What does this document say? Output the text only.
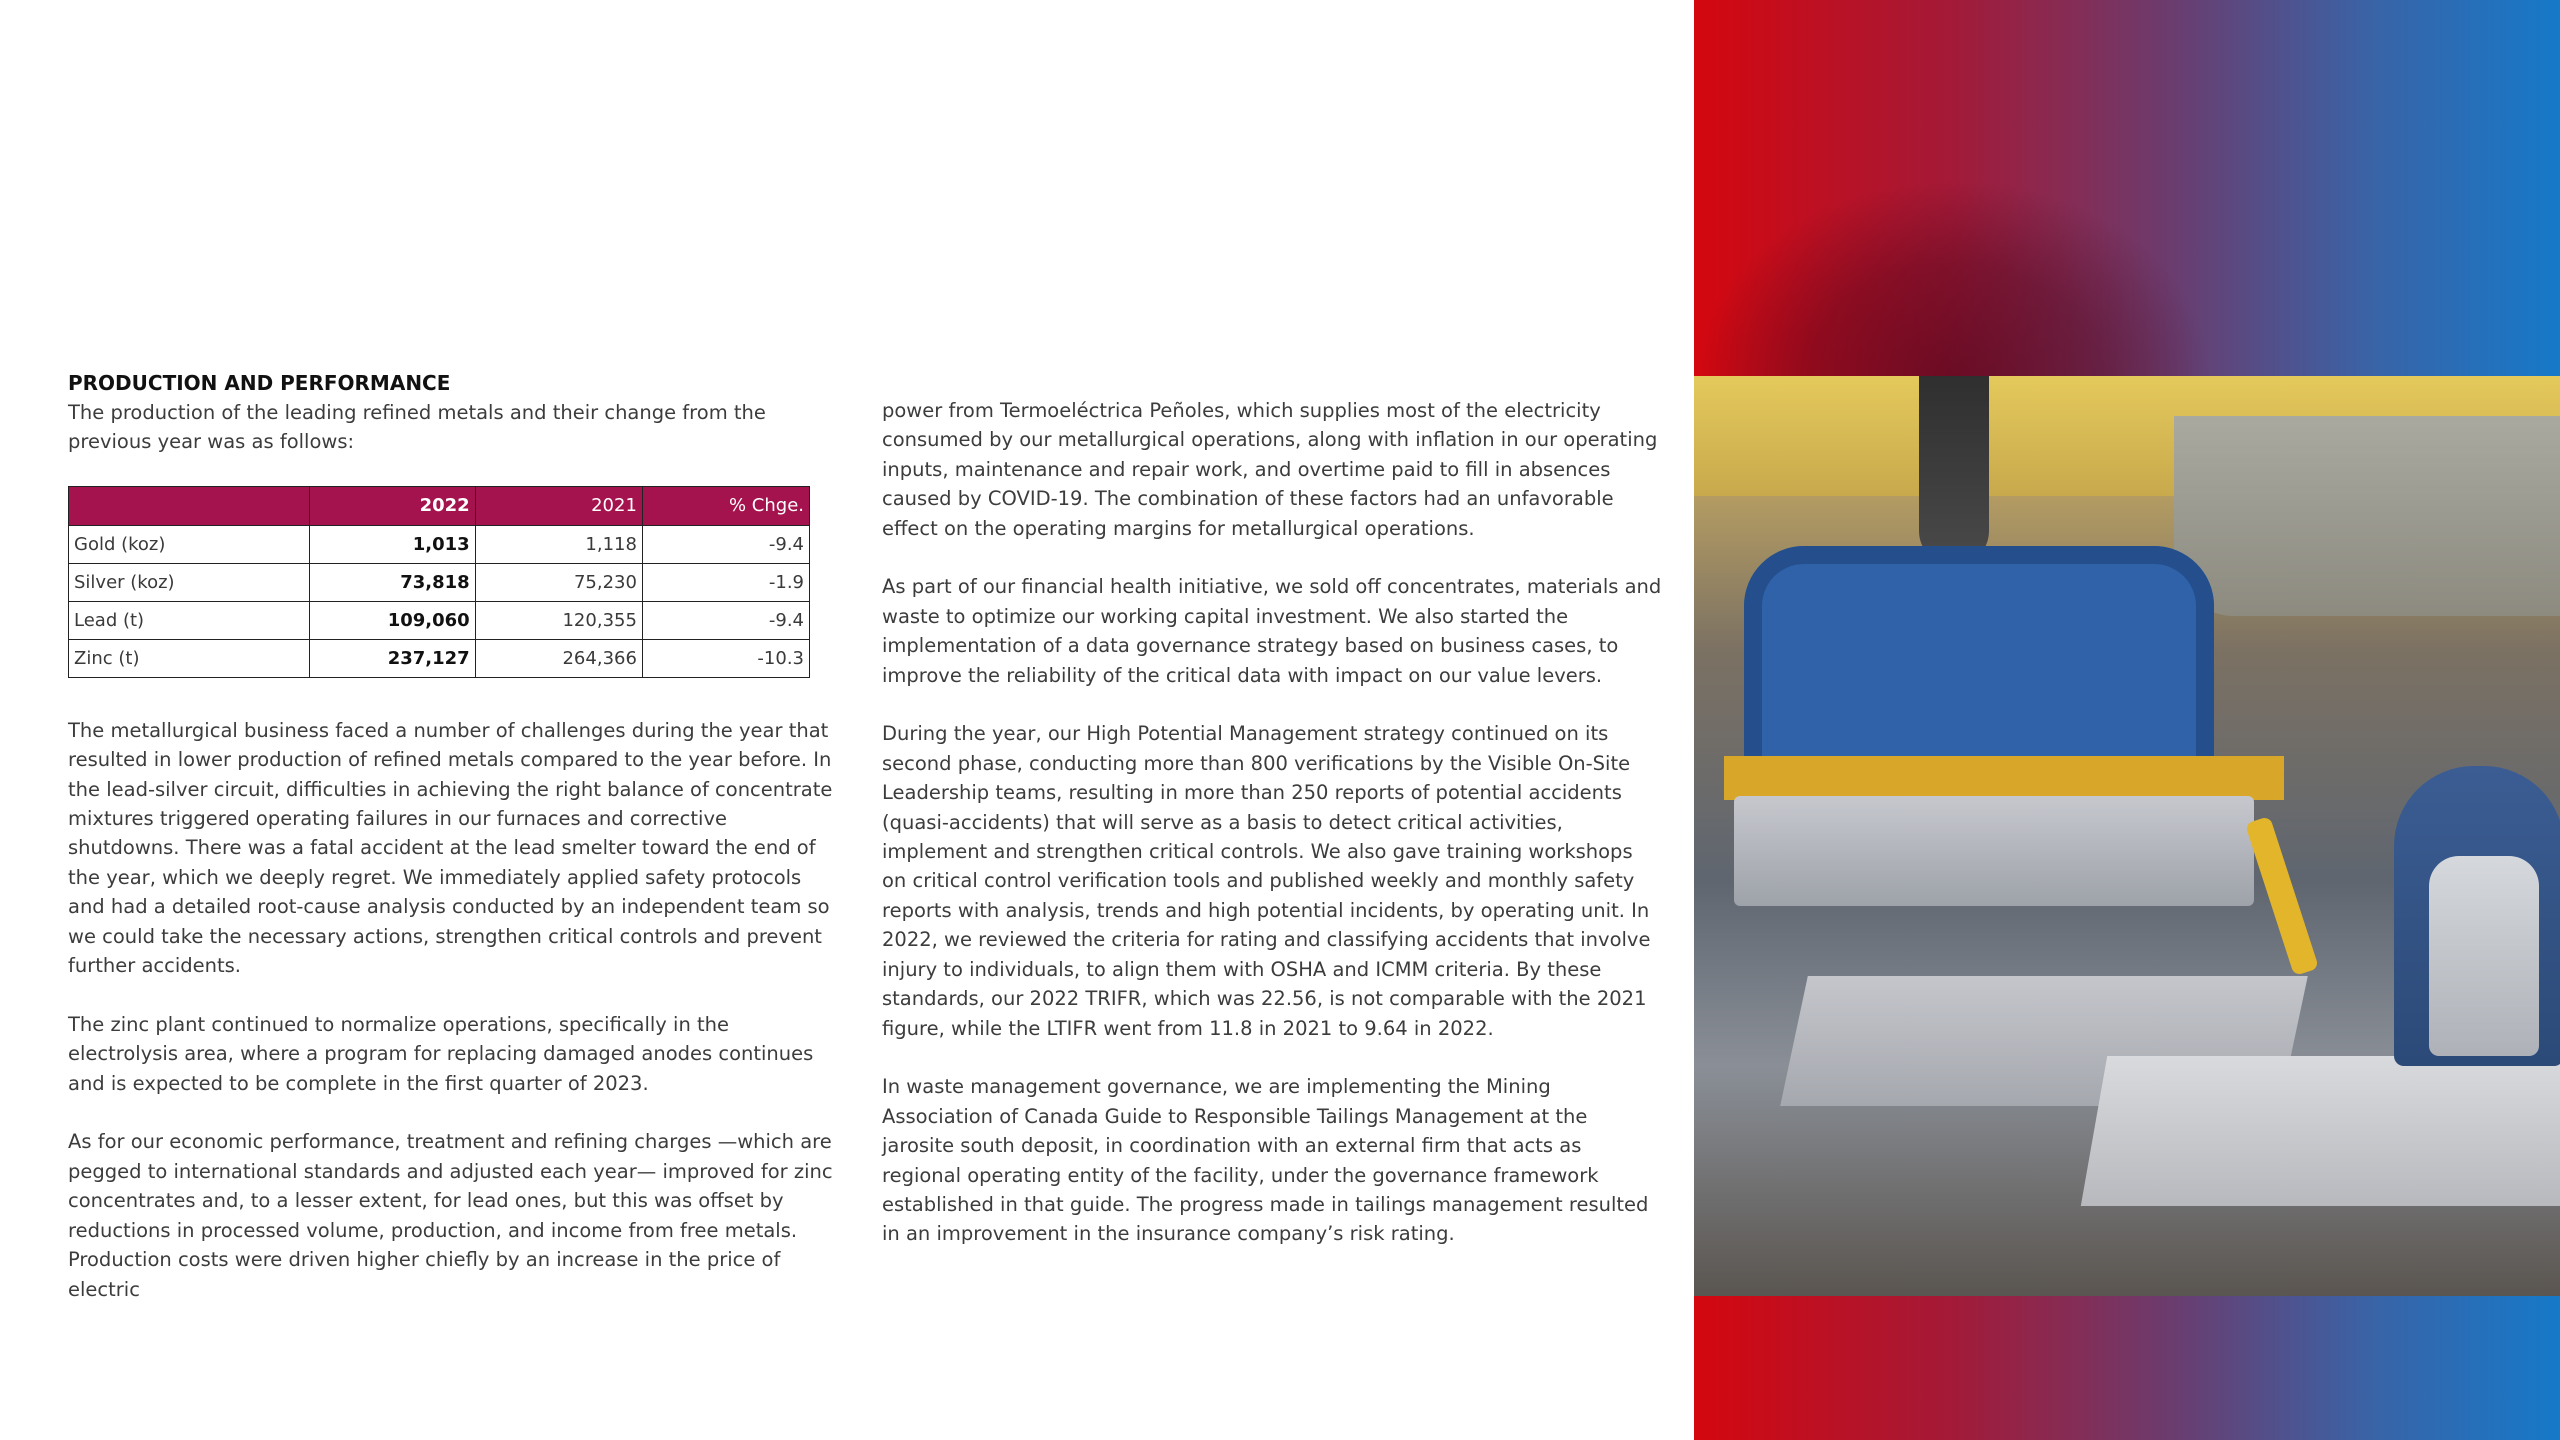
PRODUCTION AND PERFORMANCE

The production of the leading refined metals and their change from the previous year was as follows:

	2022	2021	% Chge.
Gold (koz)	1,013	1,118	-9.4
Silver (koz)	73,818	75,230	-1.9
Lead (t)	109,060	120,355	-9.4
Zinc (t)	237,127	264,366	-10.3

The metallurgical business faced a number of challenges during the year that resulted in lower production of refined metals compared to the year before. In the lead-silver circuit, difficulties in achieving the right balance of concentrate mixtures triggered operating failures in our furnaces and corrective shutdowns. There was a fatal accident at the lead smelter toward the end of the year, which we deeply regret. We immediately applied safety protocols and had a detailed root-cause analysis conducted by an independent team so we could take the necessary actions, strengthen critical controls and prevent further accidents.

The zinc plant continued to normalize operations, specifically in the electrolysis area, where a program for replacing damaged anodes continues and is expected to be complete in the first quarter of 2023.

As for our economic performance, treatment and refining charges —which are pegged to international standards and adjusted each year— improved for zinc concentrates and, to a lesser extent, for lead ones, but this was offset by reductions in processed volume, production, and income from free metals. Production costs were driven higher chiefly by an increase in the price of electric

power from Termoeléctrica Peñoles, which supplies most of the electricity consumed by our metallurgical operations, along with inflation in our operating inputs, maintenance and repair work, and overtime paid to fill in absences caused by COVID-19. The combination of these factors had an unfavorable effect on the operating margins for metallurgical operations.

As part of our financial health initiative, we sold off concentrates, materials and waste to optimize our working capital investment. We also started the implementation of a data governance strategy based on business cases, to improve the reliability of the critical data with impact on our value levers.

During the year, our High Potential Management strategy continued on its second phase, conducting more than 800 verifications by the Visible On-Site Leadership teams, resulting in more than 250 reports of potential accidents (quasi-accidents) that will serve as a basis to detect critical activities, implement and strengthen critical controls. We also gave training workshops on critical control verification tools and published weekly and monthly safety reports with analysis, trends and high potential incidents, by operating unit. In 2022, we reviewed the criteria for rating and classifying accidents that involve injury to individuals, to align them with OSHA and ICMM criteria. By these standards, our 2022 TRIFR, which was 22.56, is not comparable with the 2021 figure, while the LTIFR went from 11.8 in 2021 to 9.64 in 2022.

In waste management governance, we are implementing the Mining Association of Canada Guide to Responsible Tailings Management at the jarosite south deposit, in coordination with an external firm that acts as regional operating entity of the facility, under the governance framework established in that guide. The progress made in tailings management resulted in an improvement in the insurance company’s risk rating.
